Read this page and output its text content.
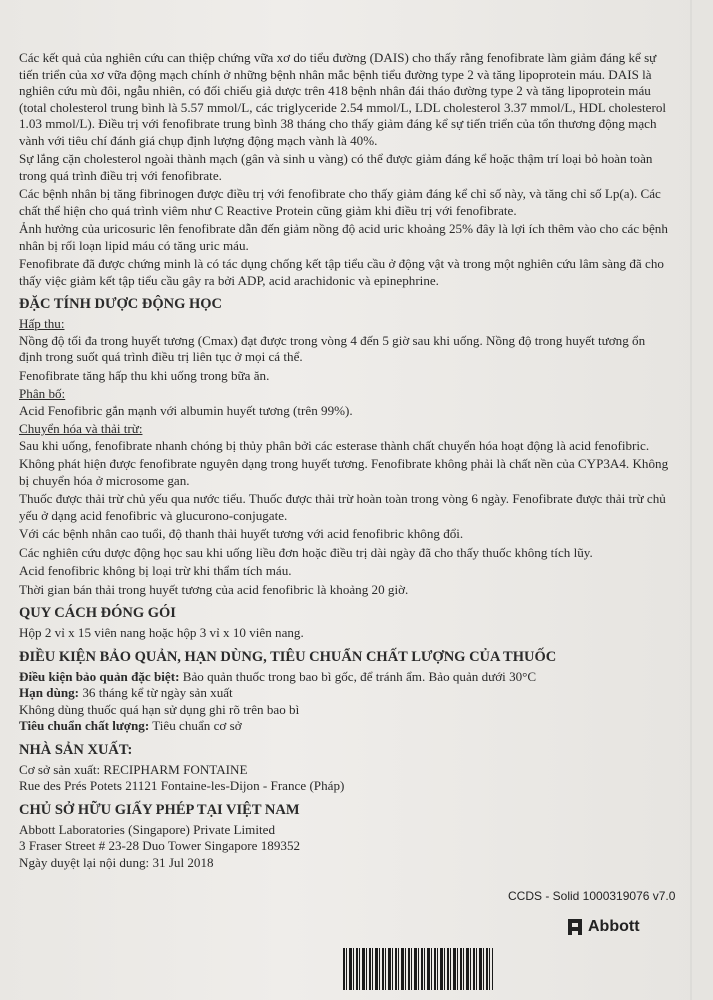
Các kết quả của nghiên cứu can thiệp chứng vữa xơ do tiểu đường (DAIS) cho thấy rằng fenofibrate làm giảm đáng kể sự tiến triển của xơ vữa động mạch chính ở những bệnh nhân mắc bệnh tiểu đường type 2 và tăng lipoprotein máu. DAIS là nghiên cứu mù đôi, ngẫu nhiên, có đối chiếu giả dược trên 418 bệnh nhân đái tháo đường type 2 và tăng lipoprotein máu (total cholesterol trung bình là 5.57 mmol/L, các triglyceride 2.54 mmol/L, LDL cholesterol 3.37 mmol/L, HDL cholesterol 1.03 mmol/L). Điều trị với fenofibrate trung bình 38 tháng cho thấy giảm đáng kể sự tiến triển của tổn thương động mạch vành với tiêu chí đánh giá chụp định lượng động mạch vành là 40%.

Sự lắng cặn cholesterol ngoài thành mạch (gân và sinh u vàng) có thể được giảm đáng kể hoặc thậm trí loại bỏ hoàn toàn trong quá trình điều trị với fenofibrate.

Các bệnh nhân bị tăng fibrinogen được điều trị với fenofibrate cho thấy giảm đáng kể chỉ số này, và tăng chỉ số Lp(a). Các chất thể hiện cho quá trình viêm như C Reactive Protein cũng giảm khi điều trị với fenofibrate.

Ảnh hưởng của uricosuric lên fenofibrate dẫn đến giảm nồng độ acid uric khoảng 25% đây là lợi ích thêm vào cho các bệnh nhân bị rối loạn lipid máu có tăng uric máu.

Fenofibrate đã được chứng minh là có tác dụng chống kết tập tiểu cầu ở động vật và trong một nghiên cứu lâm sàng đã cho thấy việc giảm kết tập tiểu cầu gây ra bởi ADP, acid arachidonic và epinephrine.

ĐẶC TÍNH DƯỢC ĐỘNG HỌC

Hấp thu:

Nồng độ tối đa trong huyết tương (Cmax) đạt được trong vòng 4 đến 5 giờ sau khi uống. Nồng độ trong huyết tương ổn định trong suốt quá trình điều trị liên tục ở mọi cá thể.

Fenofibrate tăng hấp thu khi uống trong bữa ăn.

Phân bố:

Acid Fenofibric gắn mạnh với albumin huyết tương (trên 99%).

Chuyển hóa và thải trừ:

Sau khi uống, fenofibrate nhanh chóng bị thủy phân bởi các esterase thành chất chuyển hóa hoạt động là acid fenofibric.

Không phát hiện được fenofibrate nguyên dạng trong huyết tương. Fenofibrate không phải là chất nền của CYP3A4. Không bị chuyển hóa ở microsome gan.

Thuốc được thải trừ chủ yếu qua nước tiểu. Thuốc được thải trừ hoàn toàn trong vòng 6 ngày. Fenofibrate được thải trừ chủ yếu ở dạng acid fenofibric và glucurono-conjugate.

Với các bệnh nhân cao tuổi, độ thanh thải huyết tương với acid fenofibric không đổi.

Các nghiên cứu dược động học sau khi uống liều đơn hoặc điều trị dài ngày đã cho thấy thuốc không tích lũy.

Acid fenofibric không bị loại trừ khi thẩm tích máu.

Thời gian bán thải trong huyết tương của acid fenofibric là khoảng 20 giờ.

QUY CÁCH ĐÓNG GÓI

Hộp 2 vỉ x 15 viên nang hoặc hộp 3 vỉ x 10 viên nang.

ĐIỀU KIỆN BẢO QUẢN, HẠN DÙNG, TIÊU CHUẨN CHẤT LƯỢNG CỦA THUỐC

Điều kiện bảo quản đặc biệt: Bảo quản thuốc trong bao bì gốc, để tránh ẩm. Bảo quản dưới 30°C

Hạn dùng: 36 tháng kể từ ngày sản xuất

Không dùng thuốc quá hạn sử dụng ghi rõ trên bao bì

Tiêu chuẩn chất lượng: Tiêu chuẩn cơ sở

NHÀ SẢN XUẤT:

Cơ sở sản xuất: RECIPHARM FONTAINE

Rue des Prés Potets 21121 Fontaine-les-Dijon - France (Pháp)

CHỦ SỞ HỮU GIẤY PHÉP TẠI VIỆT NAM

Abbott Laboratories (Singapore) Private Limited

3 Fraser Street # 23-28 Duo Tower Singapore 189352

Ngày duyệt lại nội dung: 31 Jul 2018

CCDS - Solid 1000319076 v7.0
Abbott
